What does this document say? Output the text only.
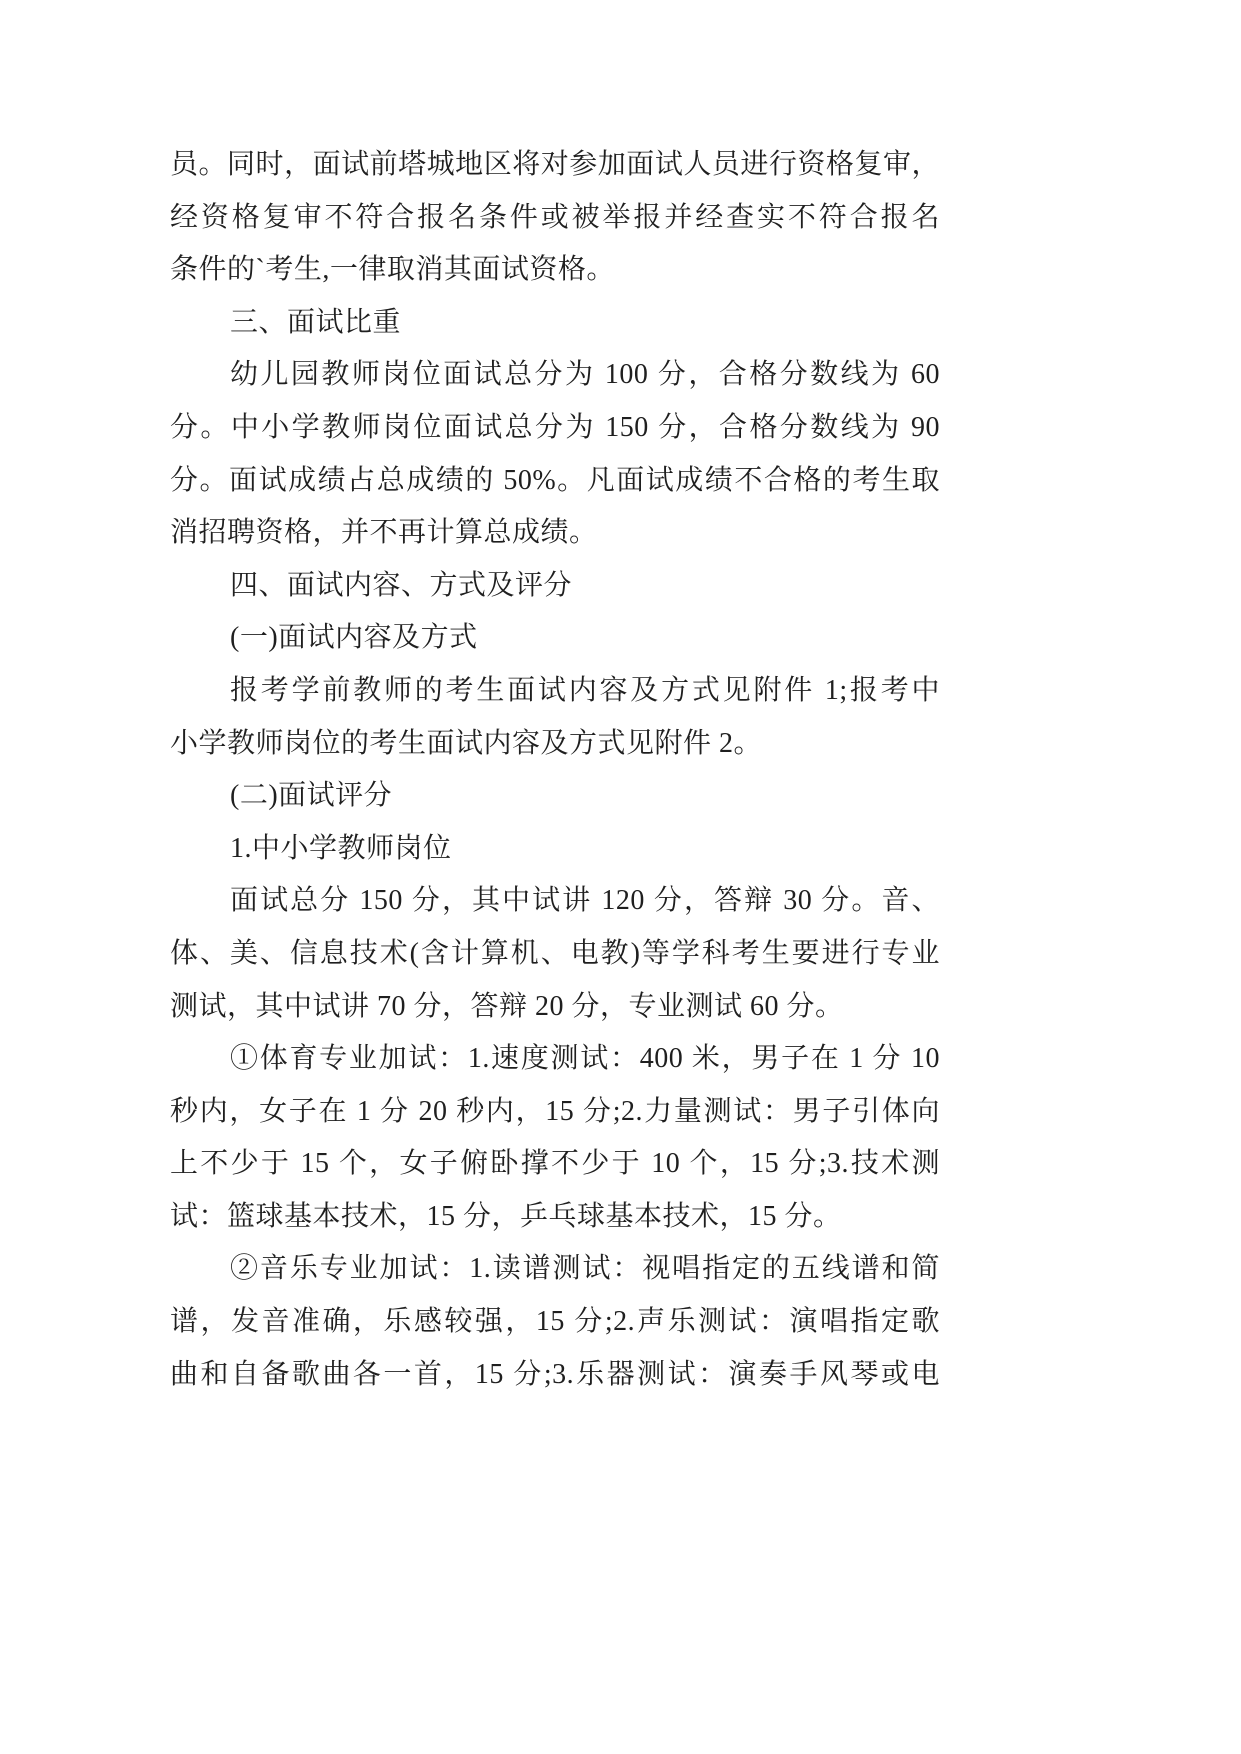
员。同时，面试前塔城地区将对参加面试人员进行资格复审，
经资格复审不符合报名条件或被举报并经查实不符合报名
条件的`考生,一律取消其面试资格。
三、面试比重
幼儿园教师岗位面试总分为 100 分，合格分数线为 60
分。中小学教师岗位面试总分为 150 分，合格分数线为 90
分。面试成绩占总成绩的 50%。凡面试成绩不合格的考生取
消招聘资格，并不再计算总成绩。
四、面试内容、方式及评分
(一)面试内容及方式
报考学前教师的考生面试内容及方式见附件 1;报考中
小学教师岗位的考生面试内容及方式见附件 2。
(二)面试评分
1.中小学教师岗位
面试总分 150 分，其中试讲 120 分，答辩 30 分。音、
体、美、信息技术(含计算机、电教)等学科考生要进行专业
测试，其中试讲 70 分，答辩 20 分，专业测试 60 分。
①体育专业加试：1.速度测试：400 米，男子在 1 分 10
秒内，女子在 1 分 20 秒内，15 分;2.力量测试：男子引体向
上不少于 15 个，女子俯卧撑不少于 10 个，15 分;3.技术测
试：篮球基本技术，15 分，乒乓球基本技术，15 分。
②音乐专业加试：1.读谱测试：视唱指定的五线谱和简
谱，发音准确，乐感较强，15 分;2.声乐测试：演唱指定歌
曲和自备歌曲各一首，15 分;3.乐器测试：演奏手风琴或电
